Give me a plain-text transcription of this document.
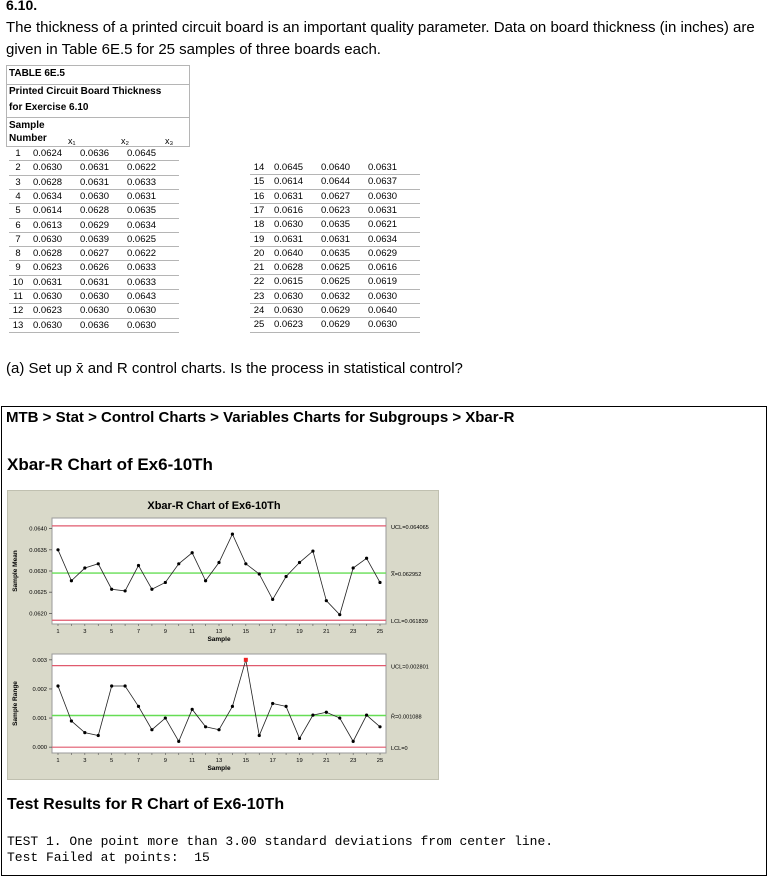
6.10.
The thickness of a printed circuit board is an important quality parameter. Data on board thickness (in inches) are given in Table 6E.5 for 25 samples of three boards each.
TABLE 6E.5
Printed Circuit Board Thickness
for Exercise 6.10
Sample
Number x₁	x₂	x₃
1	0.0624 0.0636 0.0645
2	0.0630 0.0631 0.0622
3	0.0628 0.0631 0.0633
4	0.0634 0.0630 0.0631
5	0.0614 0.0628 0.0635
6	0.0613 0.0629 0.0634
7	0.0630 0.0639 0.0625
8	0.0628 0.0627 0.0622
9	0.0623 0.0626 0.0633
10	0.0631 0.0631 0.0633
11	0.0630 0.0630 0.0643
12	0.0623 0.0630 0.0630
13	0.0630 0.0636 0.0630
14	0.0645 0.0640 0.0631
15	0.0614 0.0644 0.0637
16	0.0631 0.0627 0.0630
17	0.0616 0.0623 0.0631
18	0.0630 0.0635 0.0621
19	0.0631 0.0631 0.0634
20	0.0640 0.0635 0.0629
21	0.0628 0.0625 0.0616
22	0.0615 0.0625 0.0619
23	0.0630 0.0632 0.0630
24	0.0630 0.0629 0.0640
25	0.0623 0.0629 0.0630
(a) Set up x̄ and R control charts. Is the process in statistical control?
MTB > Stat > Control Charts > Variables Charts for Subgroups > Xbar-R
Xbar-R Chart of Ex6-10Th
Xbar-R Chart of Ex6-10Th
UCL=0.064065
X̿=0.062952
LCL=0.061839
0.0620
0.0625
0.0630
0.0635
0.0640
Sample Mean
1	3	5	7	9	11	13	15	17	19	21	23	25
Sample
UCL=0.002801
R̄=0.001088
LCL=0
0.000
0.001
0.002
0.003
Sample Range
1	3	5	7	9	11	13	15	17	19	21	23	25
Sample
Test Results for R Chart of Ex6-10Th
TEST 1. One point more than 3.00 standard deviations from center line.
Test Failed at points:  15
